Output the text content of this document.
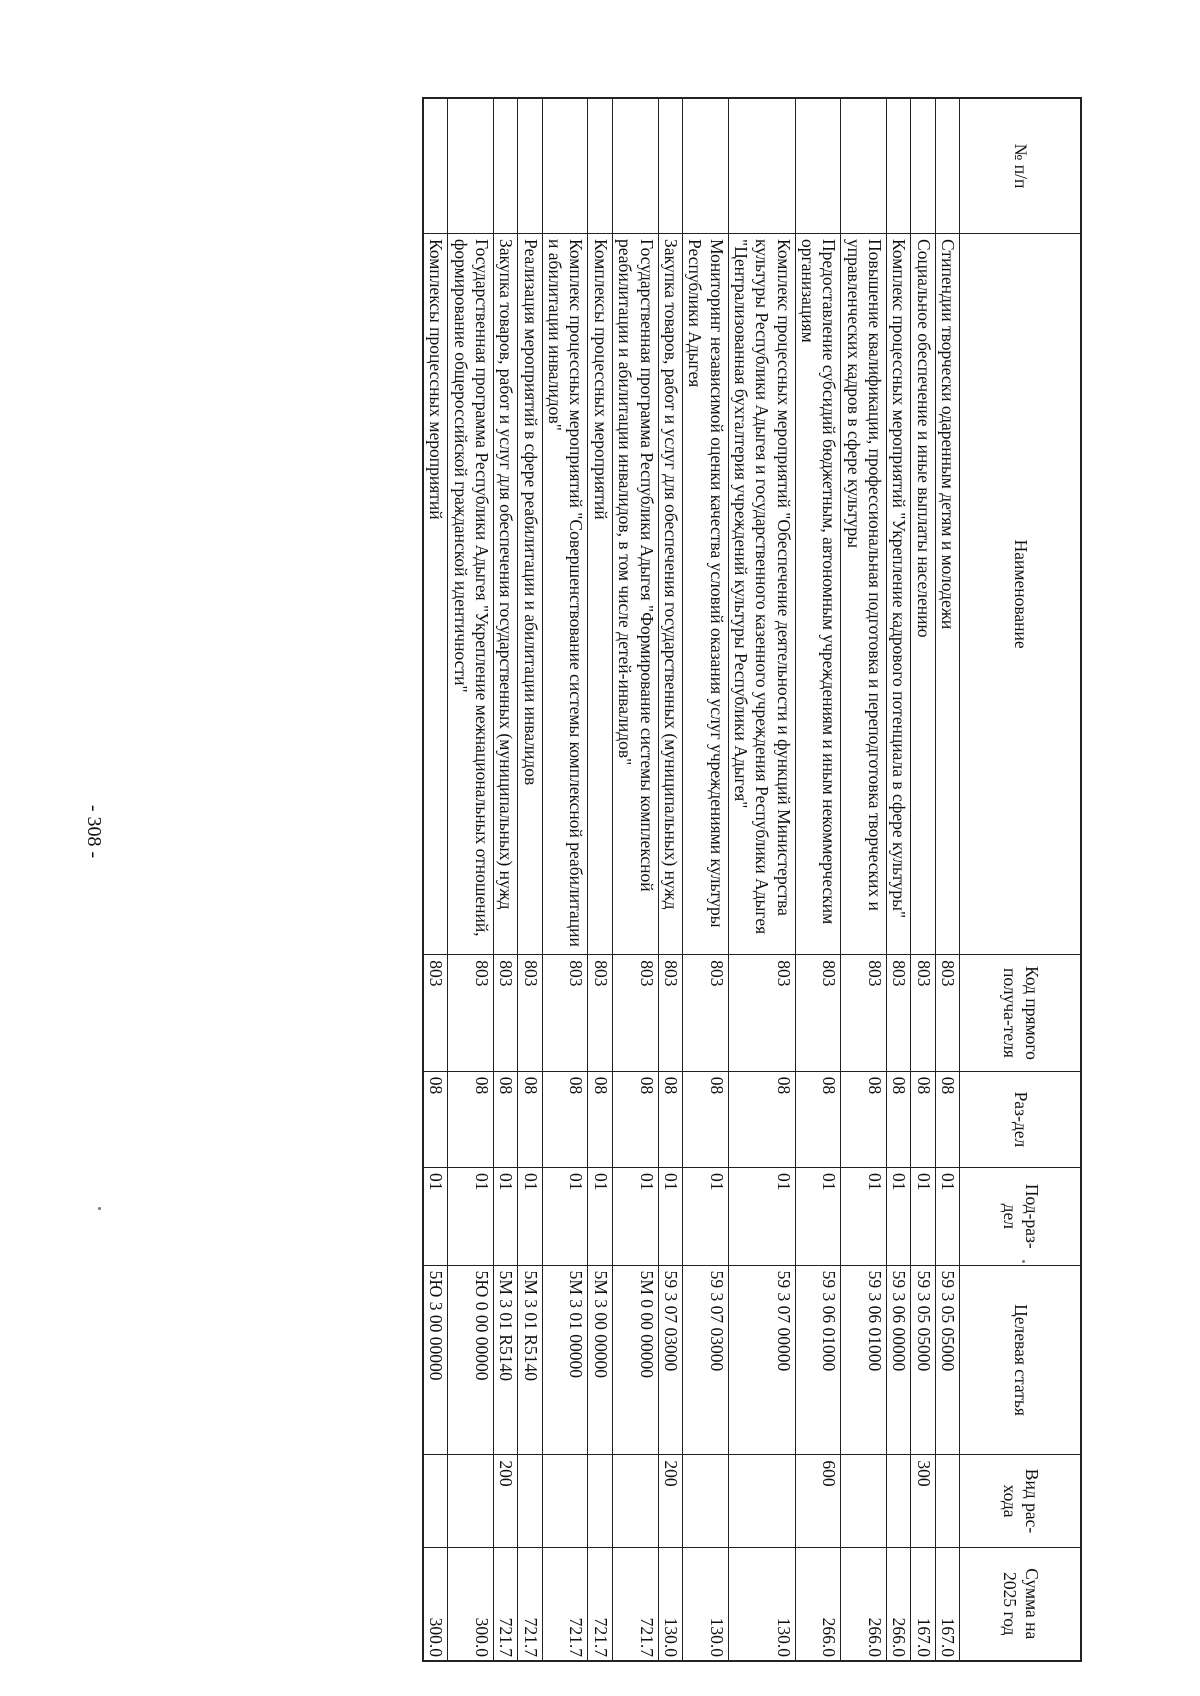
- 308 -
№ п/п	Наименование	Код прямого получа-теля	Раз-дел	Под-раз-дел	Целевая статья	Вид рас-хода	Сумма на 2025 год
	Стипендии творчески одаренным детям и молодежи	803	08	01	59 3 05 05000		167.0
	Социальное обеспечение и иные выплаты населению	803	08	01	59 3 05 05000	300	167.0
	Комплекс процессных мероприятий "Укрепление кадрового потенциала в сфере культуры"	803	08	01	59 3 06 00000		266.0
	Повышение квалификации, профессиональная подготовка и переподготовка творческих и управленческих кадров в сфере культуры	803	08	01	59 3 06 01000		266.0
	Предоставление субсидий бюджетным, автономным учреждениям и иным некоммерческим организациям	803	08	01	59 3 06 01000	600	266.0
	Комплекс процессных мероприятий "Обеспечение деятельности и функций Министерства культуры Республики Адыгея и государственного казенного учреждения Республики Адыгея "Централизованная бухгалтерия учреждений культуры Республики Адыгея"	803	08	01	59 3 07 00000		130.0
	Мониторинг независимой оценки качества условий оказания услуг учреждениями культуры Республики Адыгея	803	08	01	59 3 07 03000		130.0
	Закупка товаров, работ и услуг для обеспечения государственных (муниципальных) нужд	803	08	01	59 3 07 03000	200	130.0
	Государственная программа Республики Адыгея "Формирование системы комплексной реабилитации и абилитации инвалидов, в том числе детей-инвалидов"	803	08	01	5М 0 00 00000		721.7
	Комплексы процессных мероприятий	803	08	01	5М 3 00 00000		721.7
	Комплекс процессных мероприятий "Совершенствование системы комплексной реабилитации и абилитации инвалидов"	803	08	01	5М 3 01 00000		721.7
	Реализация мероприятий в сфере реабилитации и абилитации инвалидов	803	08	01	5М 3 01 R5140		721.7
	Закупка товаров, работ и услуг для обеспечения государственных (муниципальных) нужд	803	08	01	5М 3 01 R5140	200	721.7
	Государственная программа Республики Адыгея "Укрепление межнациональных отношений, формирование общероссийской гражданской идентичности"	803	08	01	5Ю 0 00 00000		300.0
	Комплексы процессных мероприятий	803	08	01	5Ю 3 00 00000		300.0
